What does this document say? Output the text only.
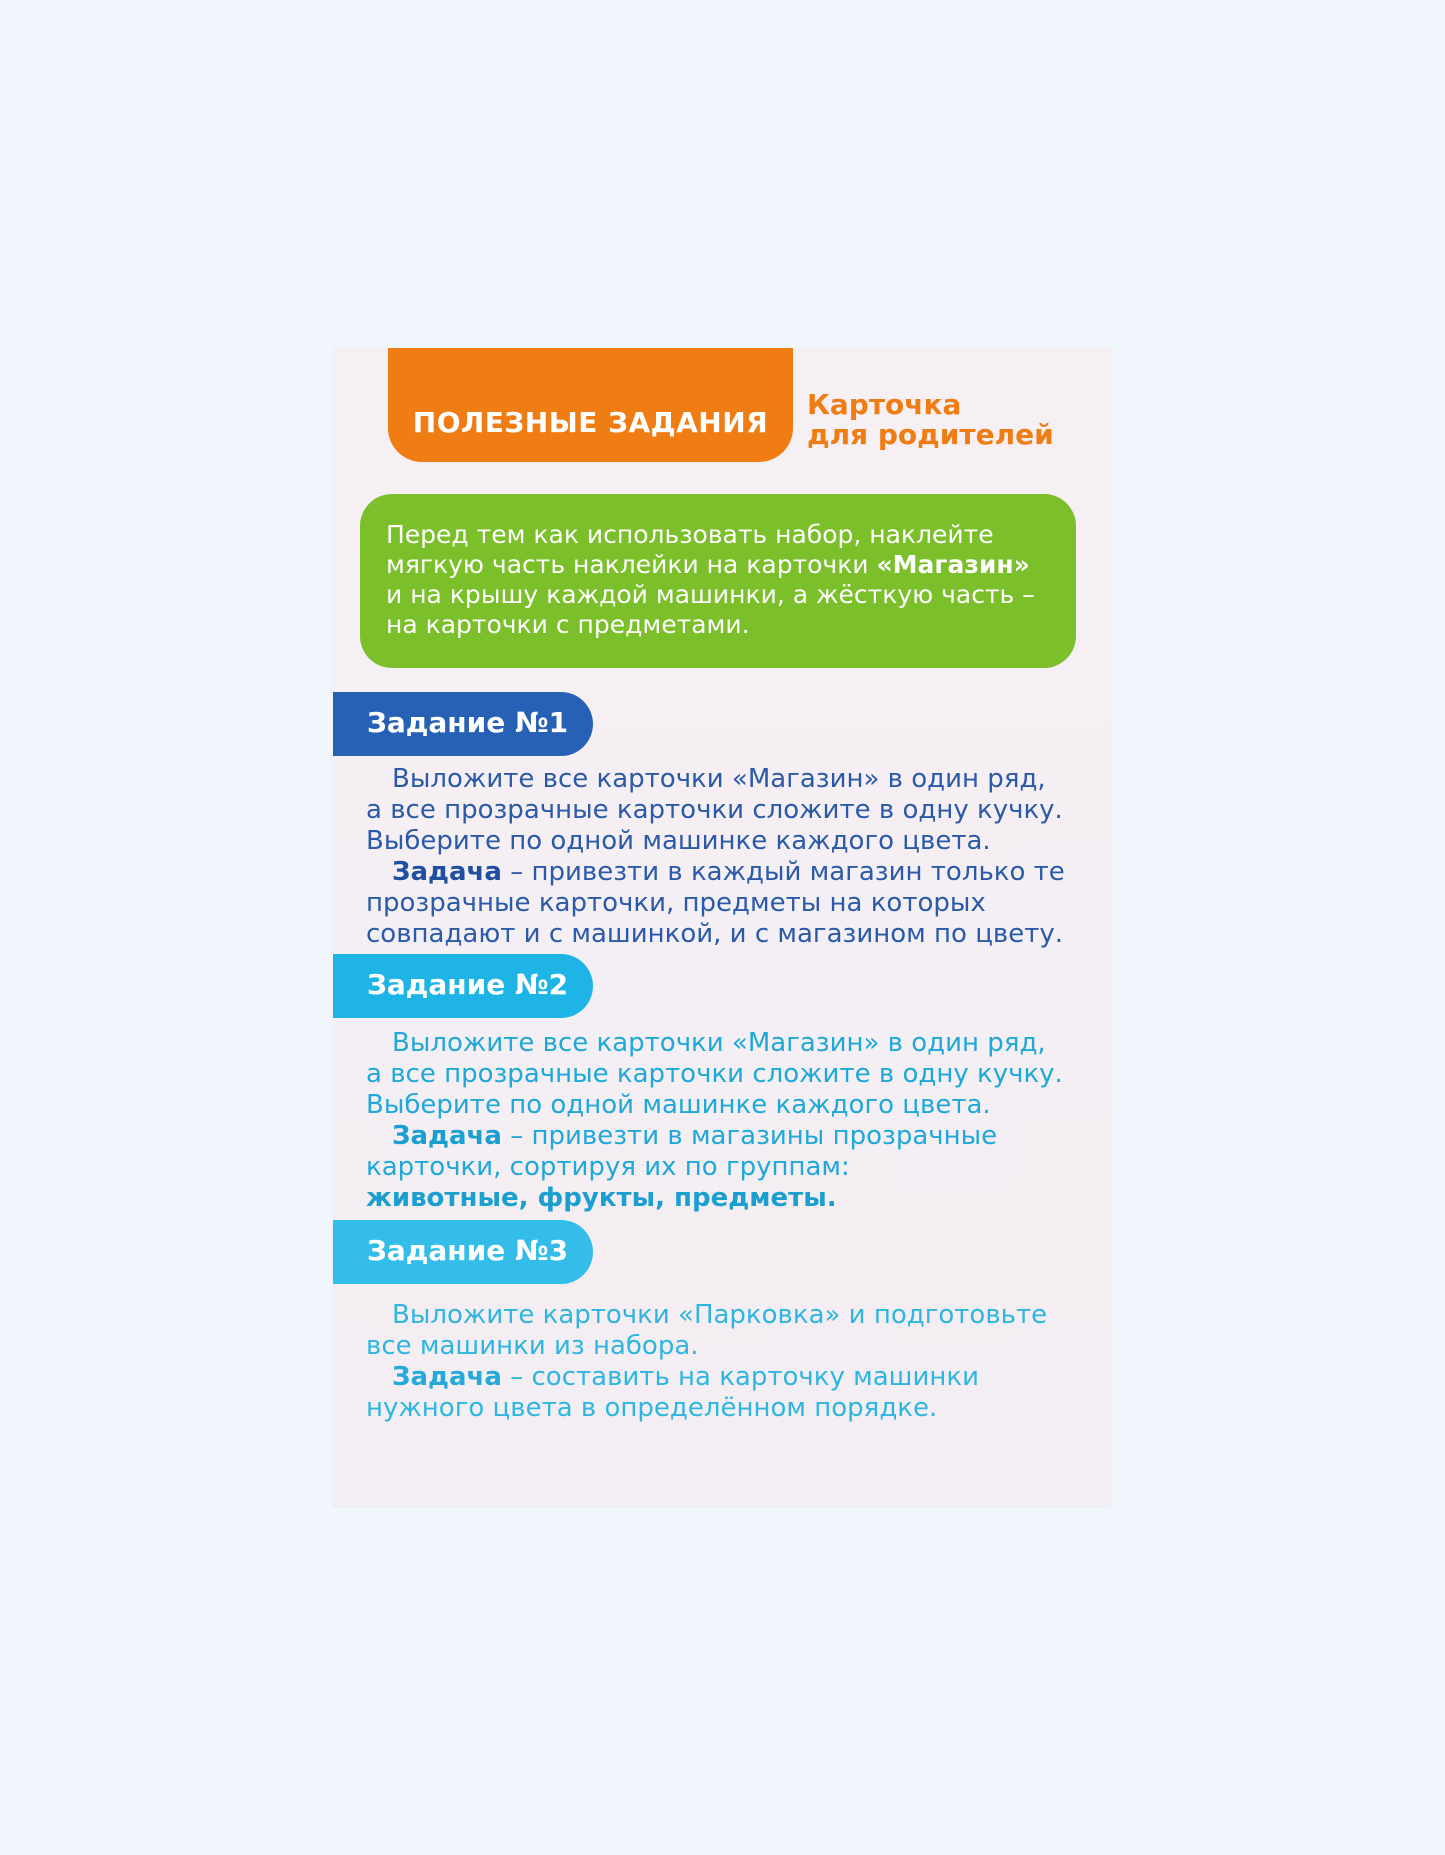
ПОЛЕЗНЫЕ ЗАДАНИЯ
Карточка
для родителей
Перед тем как использовать набор, наклейте
мягкую часть наклейки на карточки «Магазин»
и на крышу каждой машинки, а жёсткую часть –
на карточки с предметами.
Задание №1
Выложите все карточки «Магазин» в один ряд,
а все прозрачные карточки сложите в одну кучку.
Выберите по одной машинке каждого цвета.
Задача – привезти в каждый магазин только те
прозрачные карточки, предметы на которых
совпадают и с машинкой, и с магазином по цвету.
Задание №2
Выложите все карточки «Магазин» в один ряд,
а все прозрачные карточки сложите в одну кучку.
Выберите по одной машинке каждого цвета.
Задача – привезти в магазины прозрачные
карточки, сортируя их по группам:
животные, фрукты, предметы.
Задание №3
Выложите карточки «Парковка» и подготовьте
все машинки из набора.
Задача – составить на карточку машинки
нужного цвета в определённом порядке.
